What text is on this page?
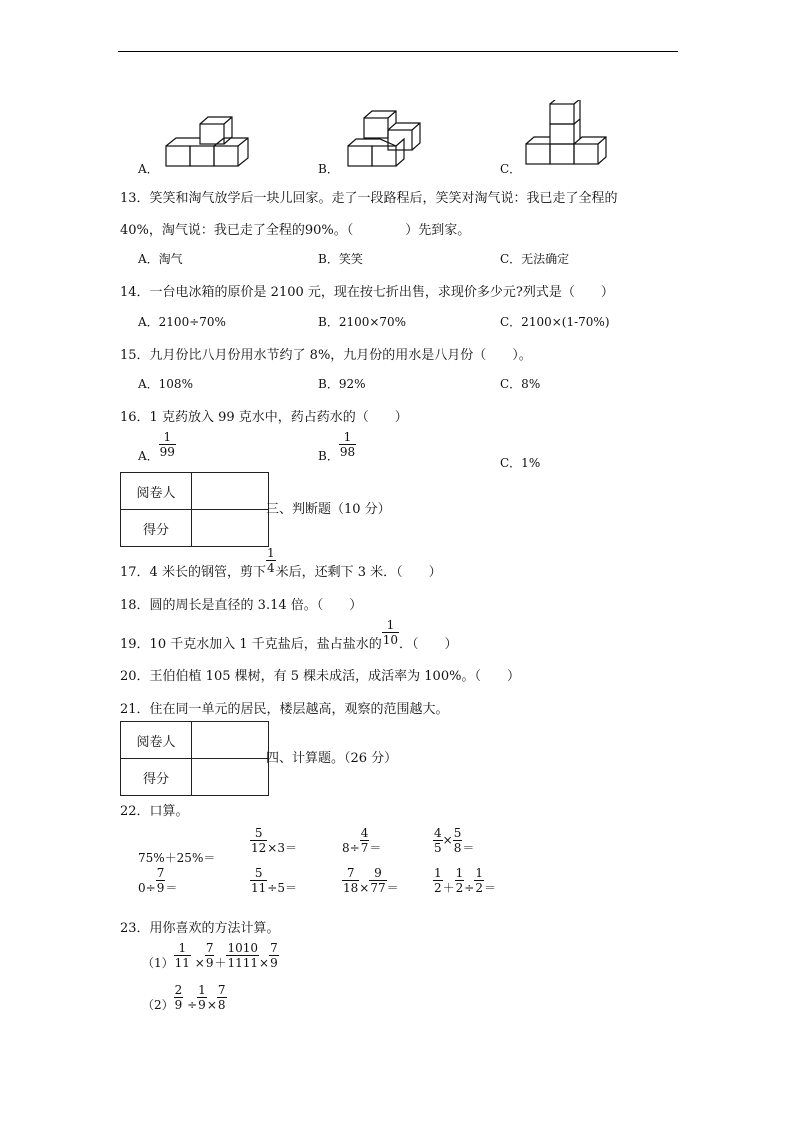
A．	B．	C．
13．笑笑和淘气放学后一块儿回家。走了一段路程后，笑笑对淘气说：我已走了全程的
40%，淘气说：我已走了全程的90%。（　　　　）先到家。
A．淘气	B．笑笑	C．无法确定
14．一台电冰箱的原价是 2100 元，现在按七折出售，求现价多少元?列式是（　　）
A．2100÷70%	B．2100×70%	C．2100×(1-70%)
15．九月份比八月份用水节约了 8%，九月份的用水是八月份（　　）。
A．108%	B．92%	C．8%
16．1 克药放入 99 克水中，药占药水的（　　）
A． $\frac{1}{99}$	B． $\frac{1}{98}$
C．1%
阅卷人	
得分	
三、判断题（10 分）
17．4 米长的钢管，剪下 $\frac{1}{4}$ 米后，还剩下 3 米．（　　）
18．圆的周长是直径的 3.14 倍。（　　）
19．10 千克水加入 1 千克盐后，盐占盐水的 $\frac{1}{10}$ ．（　　）
20．王伯伯植 105 棵树，有 5 棵未成活，成活率为 100%。（　　）
21．住在同一单元的居民，楼层越高，观察的范围越大。
阅卷人	
得分	
四、计算题。（26 分）
22．口算。
75%＋25%＝
$\frac{5}{12} \times 3=$	$8\div \frac{4}{7}$ ＝	$\frac{4}{5} \times \frac{5}{8}$ ＝
$0\div \frac{7}{9}$ ＝	$\frac{5}{11} \div 5=$	$\frac{7}{18} \times \frac{9}{77}$ ＝	$\frac{1}{2} + \frac{1}{2} \div \frac{1}{2}$ ＝
23．用你喜欢的方法计算。
$(1) \frac{1}{11} \times \frac{7}{9} + \frac{1010}{1111} \times \frac{7}{9}$
$(2) \frac{2}{9} \div \frac{1}{9} \times \frac{7}{8}$
